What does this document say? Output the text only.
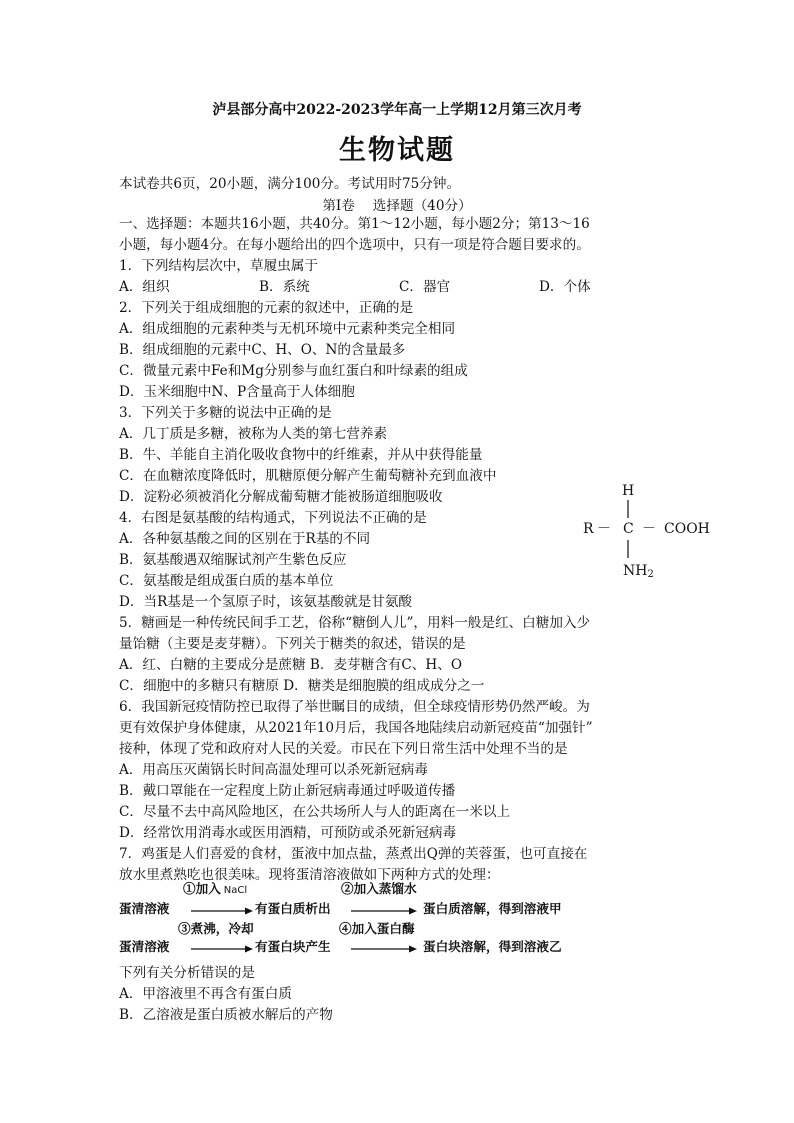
泸县部分高中2022-2023学年高一上学期12月第三次月考
生物试题
本试卷共6页，20小题，满分100分。考试用时75分钟。
第Ⅰ卷　 选择题（40分）
一、选择题：本题共16小题，共40分。第1～12小题，每小题2分；第13～16
小题，每小题4分。在每小题给出的四个选项中，只有一项是符合题目要求的。
1．下列结构层次中，草履虫属于
A．组织	B．系统	C．器官	D．个体
2．下列关于组成细胞的元素的叙述中，正确的是
A．组成细胞的元素种类与无机环境中元素种类完全相同
B．组成细胞的元素中C、H、O、N的含量最多
C．微量元素中Fe和Mg分别参与血红蛋白和叶绿素的组成
D．玉米细胞中N、P含量高于人体细胞
3．下列关于多糖的说法中正确的是
A．几丁质是多糖，被称为人类的第七营养素
B．牛、羊能自主消化吸收食物中的纤维素，并从中获得能量
C．在血糖浓度降低时，肌糖原便分解产生葡萄糖补充到血液中
D．淀粉必须被消化分解成葡萄糖才能被肠道细胞吸收
4．右图是氨基酸的结构通式，下列说法不正确的是
A．各种氨基酸之间的区别在于R基的不同
B．氨基酸遇双缩脲试剂产生紫色反应
C．氨基酸是组成蛋白质的基本单位
D．当R基是一个氢原子时，该氨基酸就是甘氨酸
H
R － C － COOH
NH2
5．糖画是一种传统民间手工艺，俗称“糖倒人儿”，用料一般是红、白糖加入少
量饴糖（主要是麦芽糖）。下列关于糖类的叙述，错误的是
A．红、白糖的主要成分是蔗糖 B．麦芽糖含有C、H、O
C．细胞中的多糖只有糖原 D．糖类是细胞膜的组成成分之一
6．我国新冠疫情防控已取得了举世瞩目的成绩，但全球疫情形势仍然严峻。为
更有效保护身体健康，从2021年10月后，我国各地陆续启动新冠疫苗“加强针”
接种，体现了党和政府对人民的关爱。市民在下列日常生活中处理不当的是
A．用高压灭菌锅长时间高温处理可以杀死新冠病毒
B．戴口罩能在一定程度上防止新冠病毒通过呼吸道传播
C．尽量不去中高风险地区，在公共场所人与人的距离在一米以上
D．经常饮用消毒水或医用酒精，可预防或杀死新冠病毒
7．鸡蛋是人们喜爱的食材，蛋液中加点盐，蒸煮出Q弹的芙蓉蛋，也可直接在
放水里煮熟吃也很美味。现将蛋清溶液做如下两种方式的处理：
①加入 NaCl	②加入蒸馏水
蛋清溶液	有蛋白质析出	蛋白质溶解，得到溶液甲
③煮沸，冷却	④加入蛋白酶
蛋清溶液	有蛋白块产生	蛋白块溶解，得到溶液乙
下列有关分析错误的是
A．甲溶液里不再含有蛋白质
B．乙溶液是蛋白质被水解后的产物
